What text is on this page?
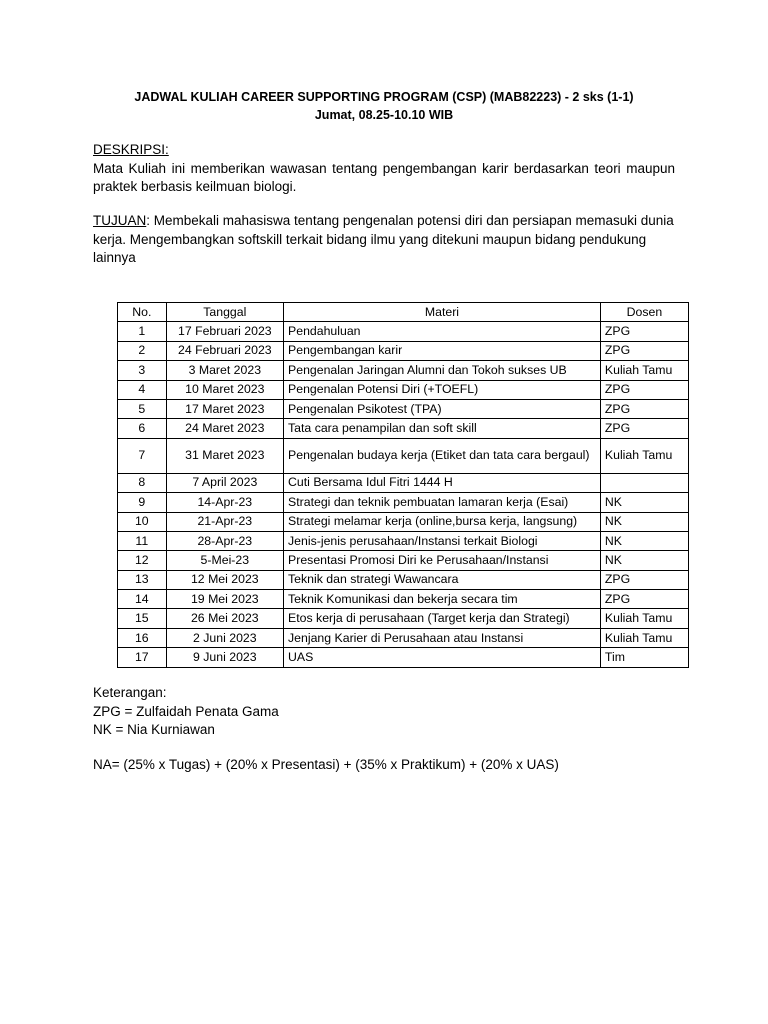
JADWAL KULIAH CAREER SUPPORTING PROGRAM (CSP) (MAB82223) - 2 sks (1-1)
Jumat, 08.25-10.10 WIB
DESKRIPSI:
Mata Kuliah ini memberikan wawasan tentang pengembangan karir berdasarkan teori maupun praktek berbasis keilmuan biologi.
TUJUAN: Membekali mahasiswa tentang pengenalan potensi diri dan persiapan memasuki dunia kerja. Mengembangkan softskill terkait bidang ilmu yang ditekuni maupun bidang pendukung lainnya
No.	Tanggal	Materi	Dosen
1	17 Februari 2023	Pendahuluan	ZPG
2	24 Februari 2023	Pengembangan karir	ZPG
3	3 Maret 2023	Pengenalan Jaringan Alumni dan Tokoh sukses UB	Kuliah Tamu
4	10 Maret 2023	Pengenalan Potensi Diri (+TOEFL)	ZPG
5	17 Maret 2023	Pengenalan Psikotest (TPA)	ZPG
6	24 Maret 2023	Tata cara penampilan dan soft skill	ZPG
7	31 Maret 2023	Pengenalan budaya kerja (Etiket dan tata cara bergaul)	Kuliah Tamu
8	7 April 2023	Cuti Bersama Idul Fitri 1444 H	
9	14-Apr-23	Strategi dan teknik pembuatan lamaran kerja (Esai)	NK
10	21-Apr-23	Strategi melamar kerja (online,bursa kerja, langsung)	NK
11	28-Apr-23	Jenis-jenis perusahaan/Instansi terkait Biologi	NK
12	5-Mei-23	Presentasi Promosi Diri ke Perusahaan/Instansi	NK
13	12 Mei 2023	Teknik dan strategi Wawancara	ZPG
14	19 Mei 2023	Teknik Komunikasi dan bekerja secara tim	ZPG
15	26 Mei 2023	Etos kerja di perusahaan (Target kerja dan Strategi)	Kuliah Tamu
16	2 Juni 2023	Jenjang Karier di Perusahaan atau Instansi	Kuliah Tamu
17	9 Juni 2023	UAS	Tim
Keterangan:
ZPG = Zulfaidah Penata Gama
NK = Nia Kurniawan
NA= (25% x Tugas) + (20% x Presentasi) + (35% x Praktikum) + (20% x UAS)
